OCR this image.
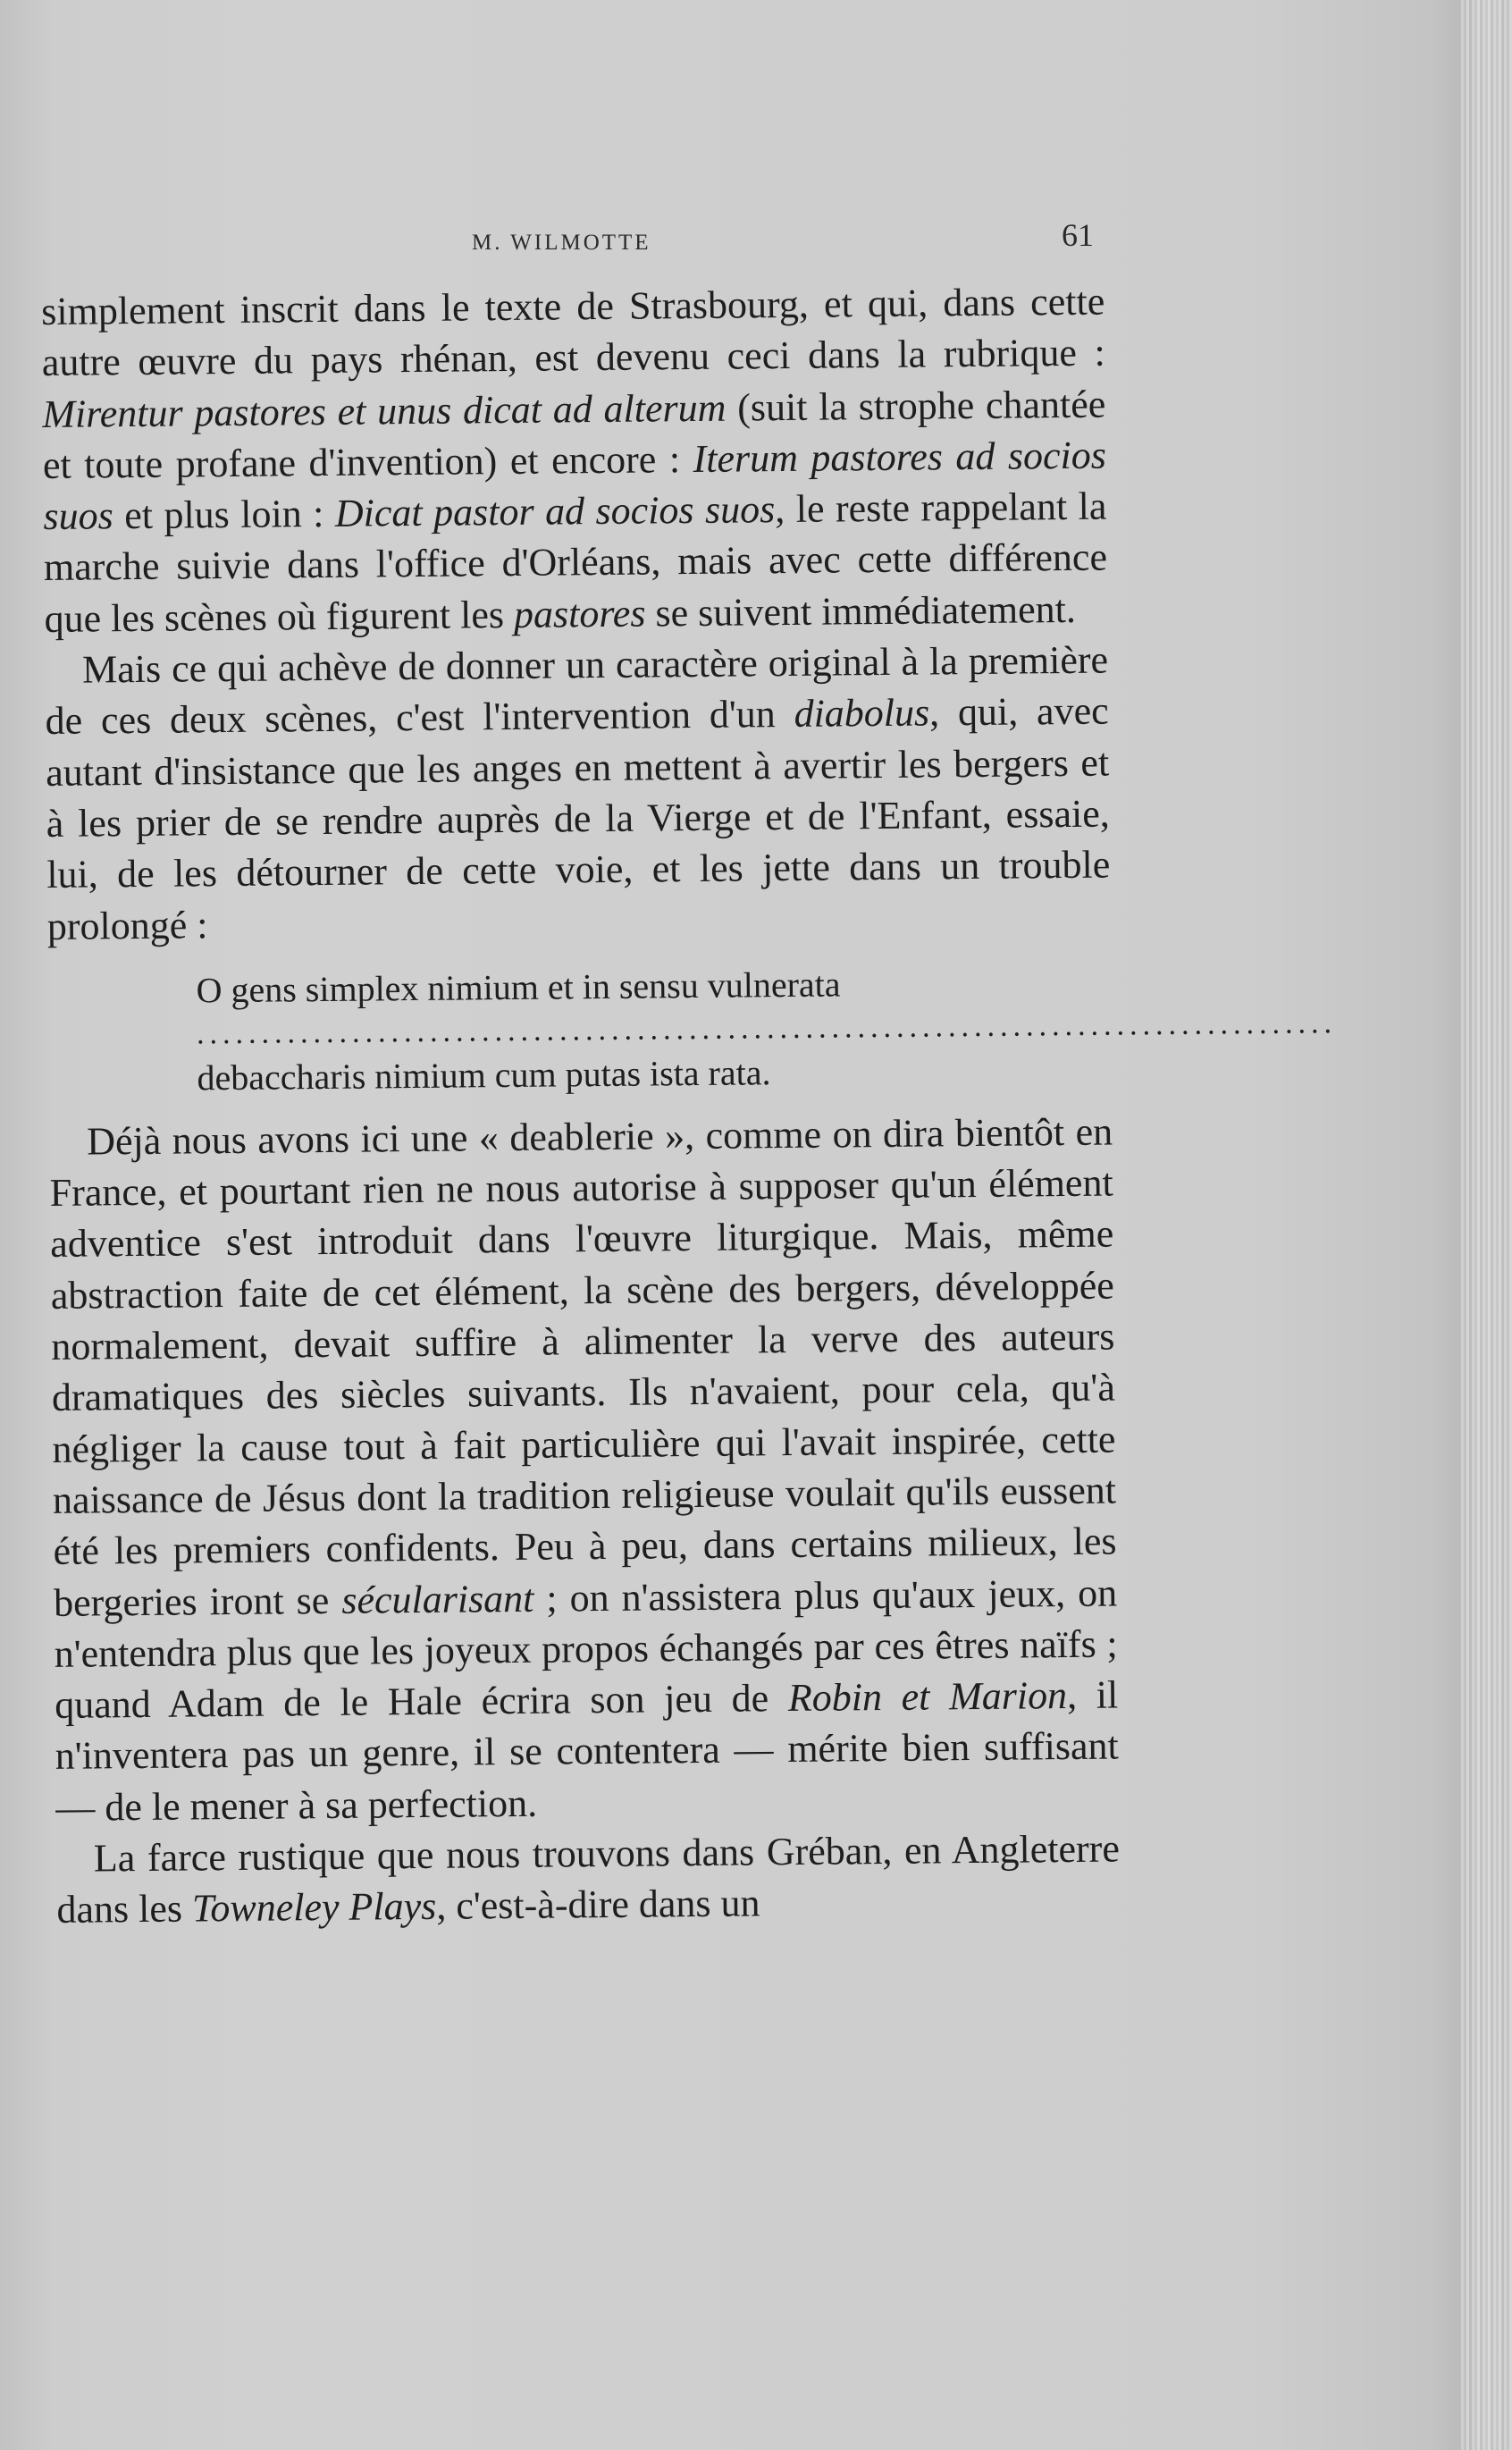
M. WILMOTTE	61

simplement inscrit dans le texte de Strasbourg, et qui, dans cette autre œuvre du pays rhénan, est devenu ceci dans la rubrique : Mirentur pastores et unus dicat ad alterum (suit la strophe chantée et toute profane d'invention) et encore : Iterum pastores ad socios suos et plus loin : Dicat pastor ad socios suos, le reste rappelant la marche suivie dans l'office d'Orléans, mais avec cette différence que les scènes où figurent les pastores se suivent immédiatement.

Mais ce qui achève de donner un caractère original à la première de ces deux scènes, c'est l'intervention d'un diabolus, qui, avec autant d'insistance que les anges en mettent à avertir les bergers et à les prier de se rendre auprès de la Vierge et de l'Enfant, essaie, lui, de les détourner de cette voie, et les jette dans un trouble prolongé :

O gens simplex nimium et in sensu vulnerata
........................................................................................
debaccharis nimium cum putas ista rata.

Déjà nous avons ici une « deablerie », comme on dira bientôt en France, et pourtant rien ne nous autorise à supposer qu'un élément adventice s'est introduit dans l'œuvre liturgique. Mais, même abstraction faite de cet élément, la scène des bergers, développée normalement, devait suffire à alimenter la verve des auteurs dramatiques des siècles suivants. Ils n'avaient, pour cela, qu'à négliger la cause tout à fait particulière qui l'avait inspirée, cette naissance de Jésus dont la tradition religieuse voulait qu'ils eussent été les premiers confidents. Peu à peu, dans certains milieux, les bergeries iront se sécularisant ; on n'assistera plus qu'aux jeux, on n'entendra plus que les joyeux propos échangés par ces êtres naïfs ; quand Adam de le Hale écrira son jeu de Robin et Marion, il n'inventera pas un genre, il se contentera — mérite bien suffisant — de le mener à sa perfection.

La farce rustique que nous trouvons dans Gréban, en Angleterre dans les Towneley Plays, c'est-à-dire dans un
